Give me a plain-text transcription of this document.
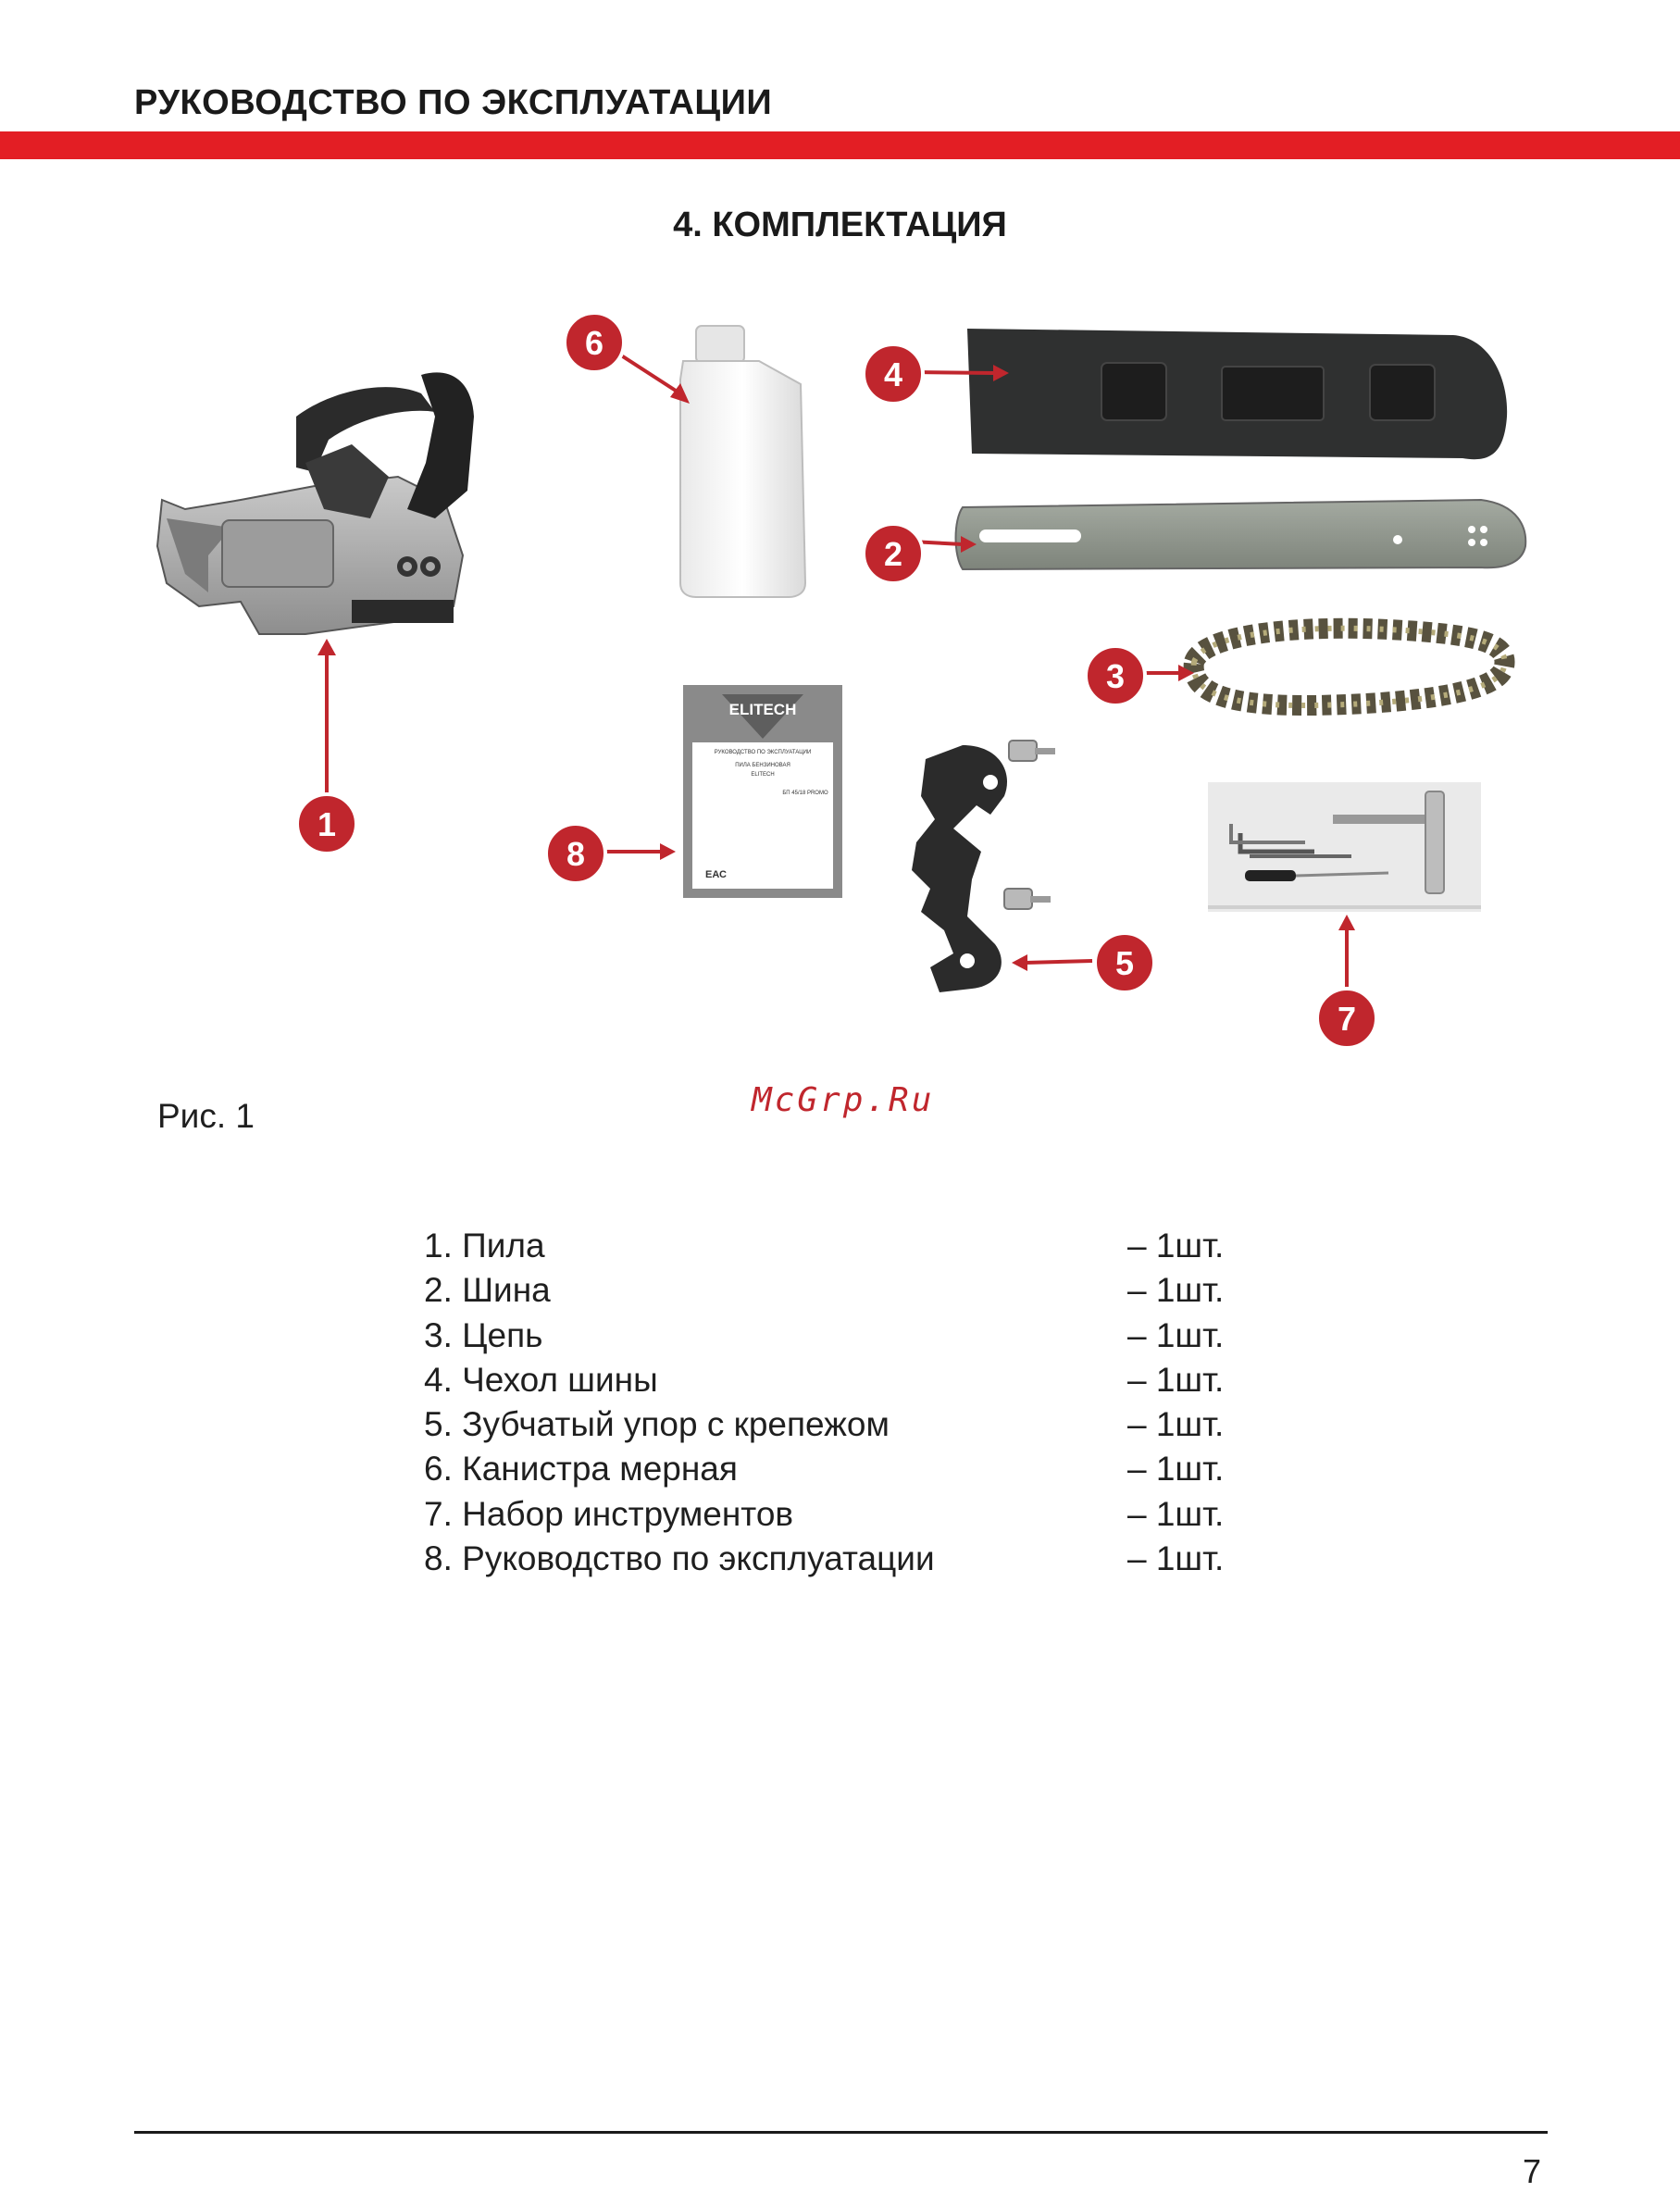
РУКОВОДСТВО ПО ЭКСПЛУАТАЦИИ
4. КОМПЛЕКТАЦИЯ
ELITECH
РУКОВОДСТВО ПО ЭКСПЛУАТАЦИИ
ПИЛА БЕНЗИНОВАЯ
ELITECH
БП 45/18 PROMO
ЕАС
1
2
3
4
5
6
7
8
Рис. 1	McGrp.Ru
1. Пила	– 1шт.
2. Шина	– 1шт.
3. Цепь	– 1шт.
4. Чехол шины	– 1шт.
5. Зубчатый упор с крепежом	– 1шт.
6. Канистра мерная	– 1шт.
7. Набор инструментов	– 1шт.
8. Руководство по эксплуатации	– 1шт.
7
